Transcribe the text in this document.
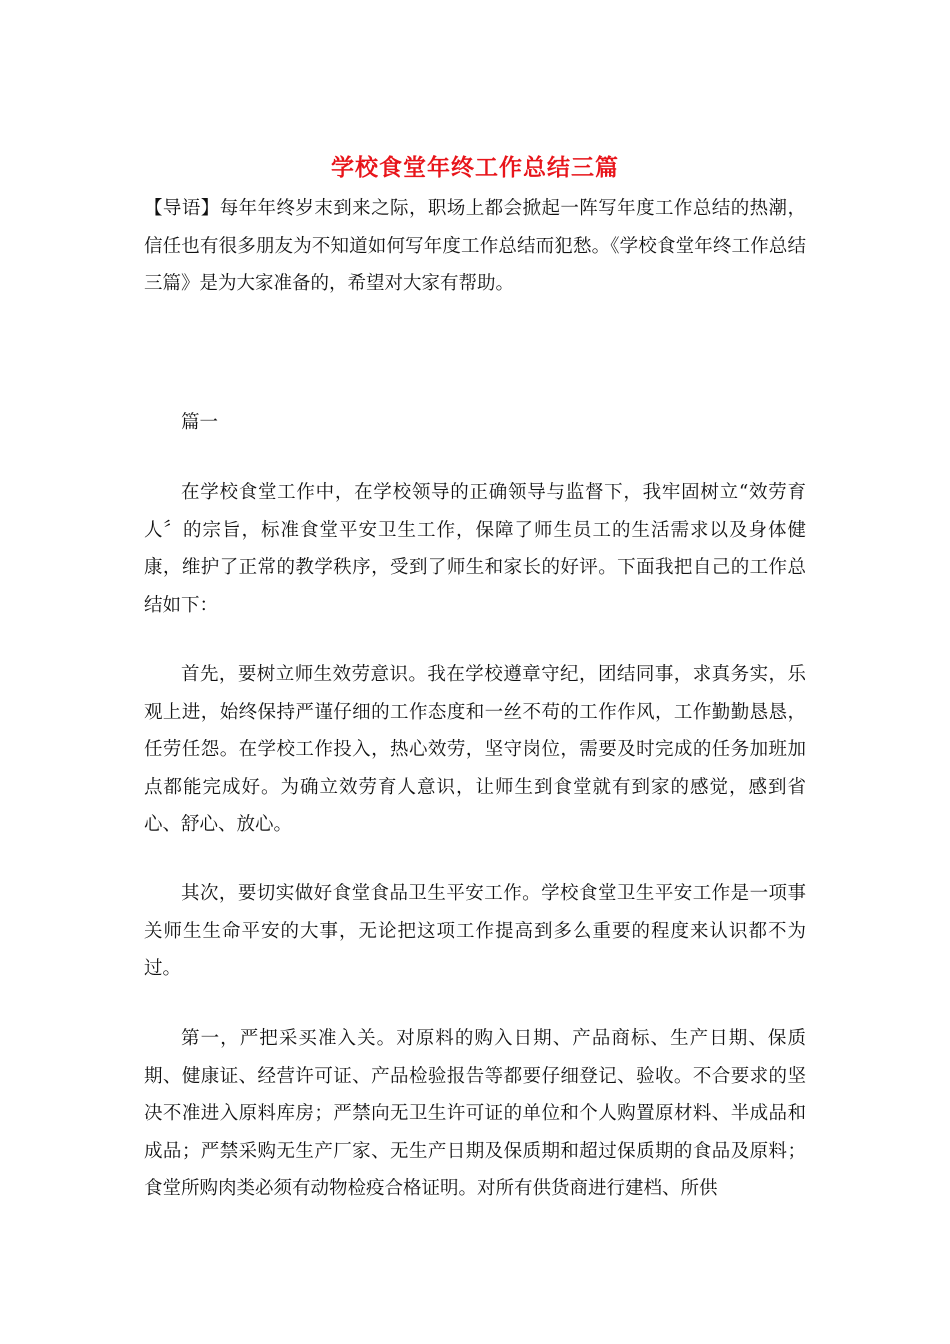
学校食堂年终工作总结三篇
【导语】每年年终岁末到来之际，职场上都会掀起一阵写年度工作总结的热潮，信任也有很多朋友为不知道如何写年度工作总结而犯愁。《学校食堂年终工作总结三篇》是为大家准备的，希望对大家有帮助。
篇一
在学校食堂工作中，在学校领导的正确领导与监督下，我牢固树立“效劳育人〞的宗旨，标准食堂平安卫生工作，保障了师生员工的生活需求以及身体健康，维护了正常的教学秩序，受到了师生和家长的好评。下面我把自己的工作总结如下：
首先，要树立师生效劳意识。我在学校遵章守纪，团结同事，求真务实，乐观上进，始终保持严谨仔细的工作态度和一丝不苟的工作作风，工作勤勤恳恳，任劳任怨。在学校工作投入，热心效劳，坚守岗位，需要及时完成的任务加班加点都能完成好。为确立效劳育人意识，让师生到食堂就有到家的感觉，感到省心、舒心、放心。
其次，要切实做好食堂食品卫生平安工作。学校食堂卫生平安工作是一项事关师生生命平安的大事，无论把这项工作提高到多么重要的程度来认识都不为过。
第一，严把采买准入关。对原料的购入日期、产品商标、生产日期、保质期、健康证、经营许可证、产品检验报告等都要仔细登记、验收。不合要求的坚决不准进入原料库房；严禁向无卫生许可证的单位和个人购置原材料、半成品和成品；严禁采购无生产厂家、无生产日期及保质期和超过保质期的食品及原料；食堂所购肉类必须有动物检疫合格证明。对所有供货商进行建档、所供
